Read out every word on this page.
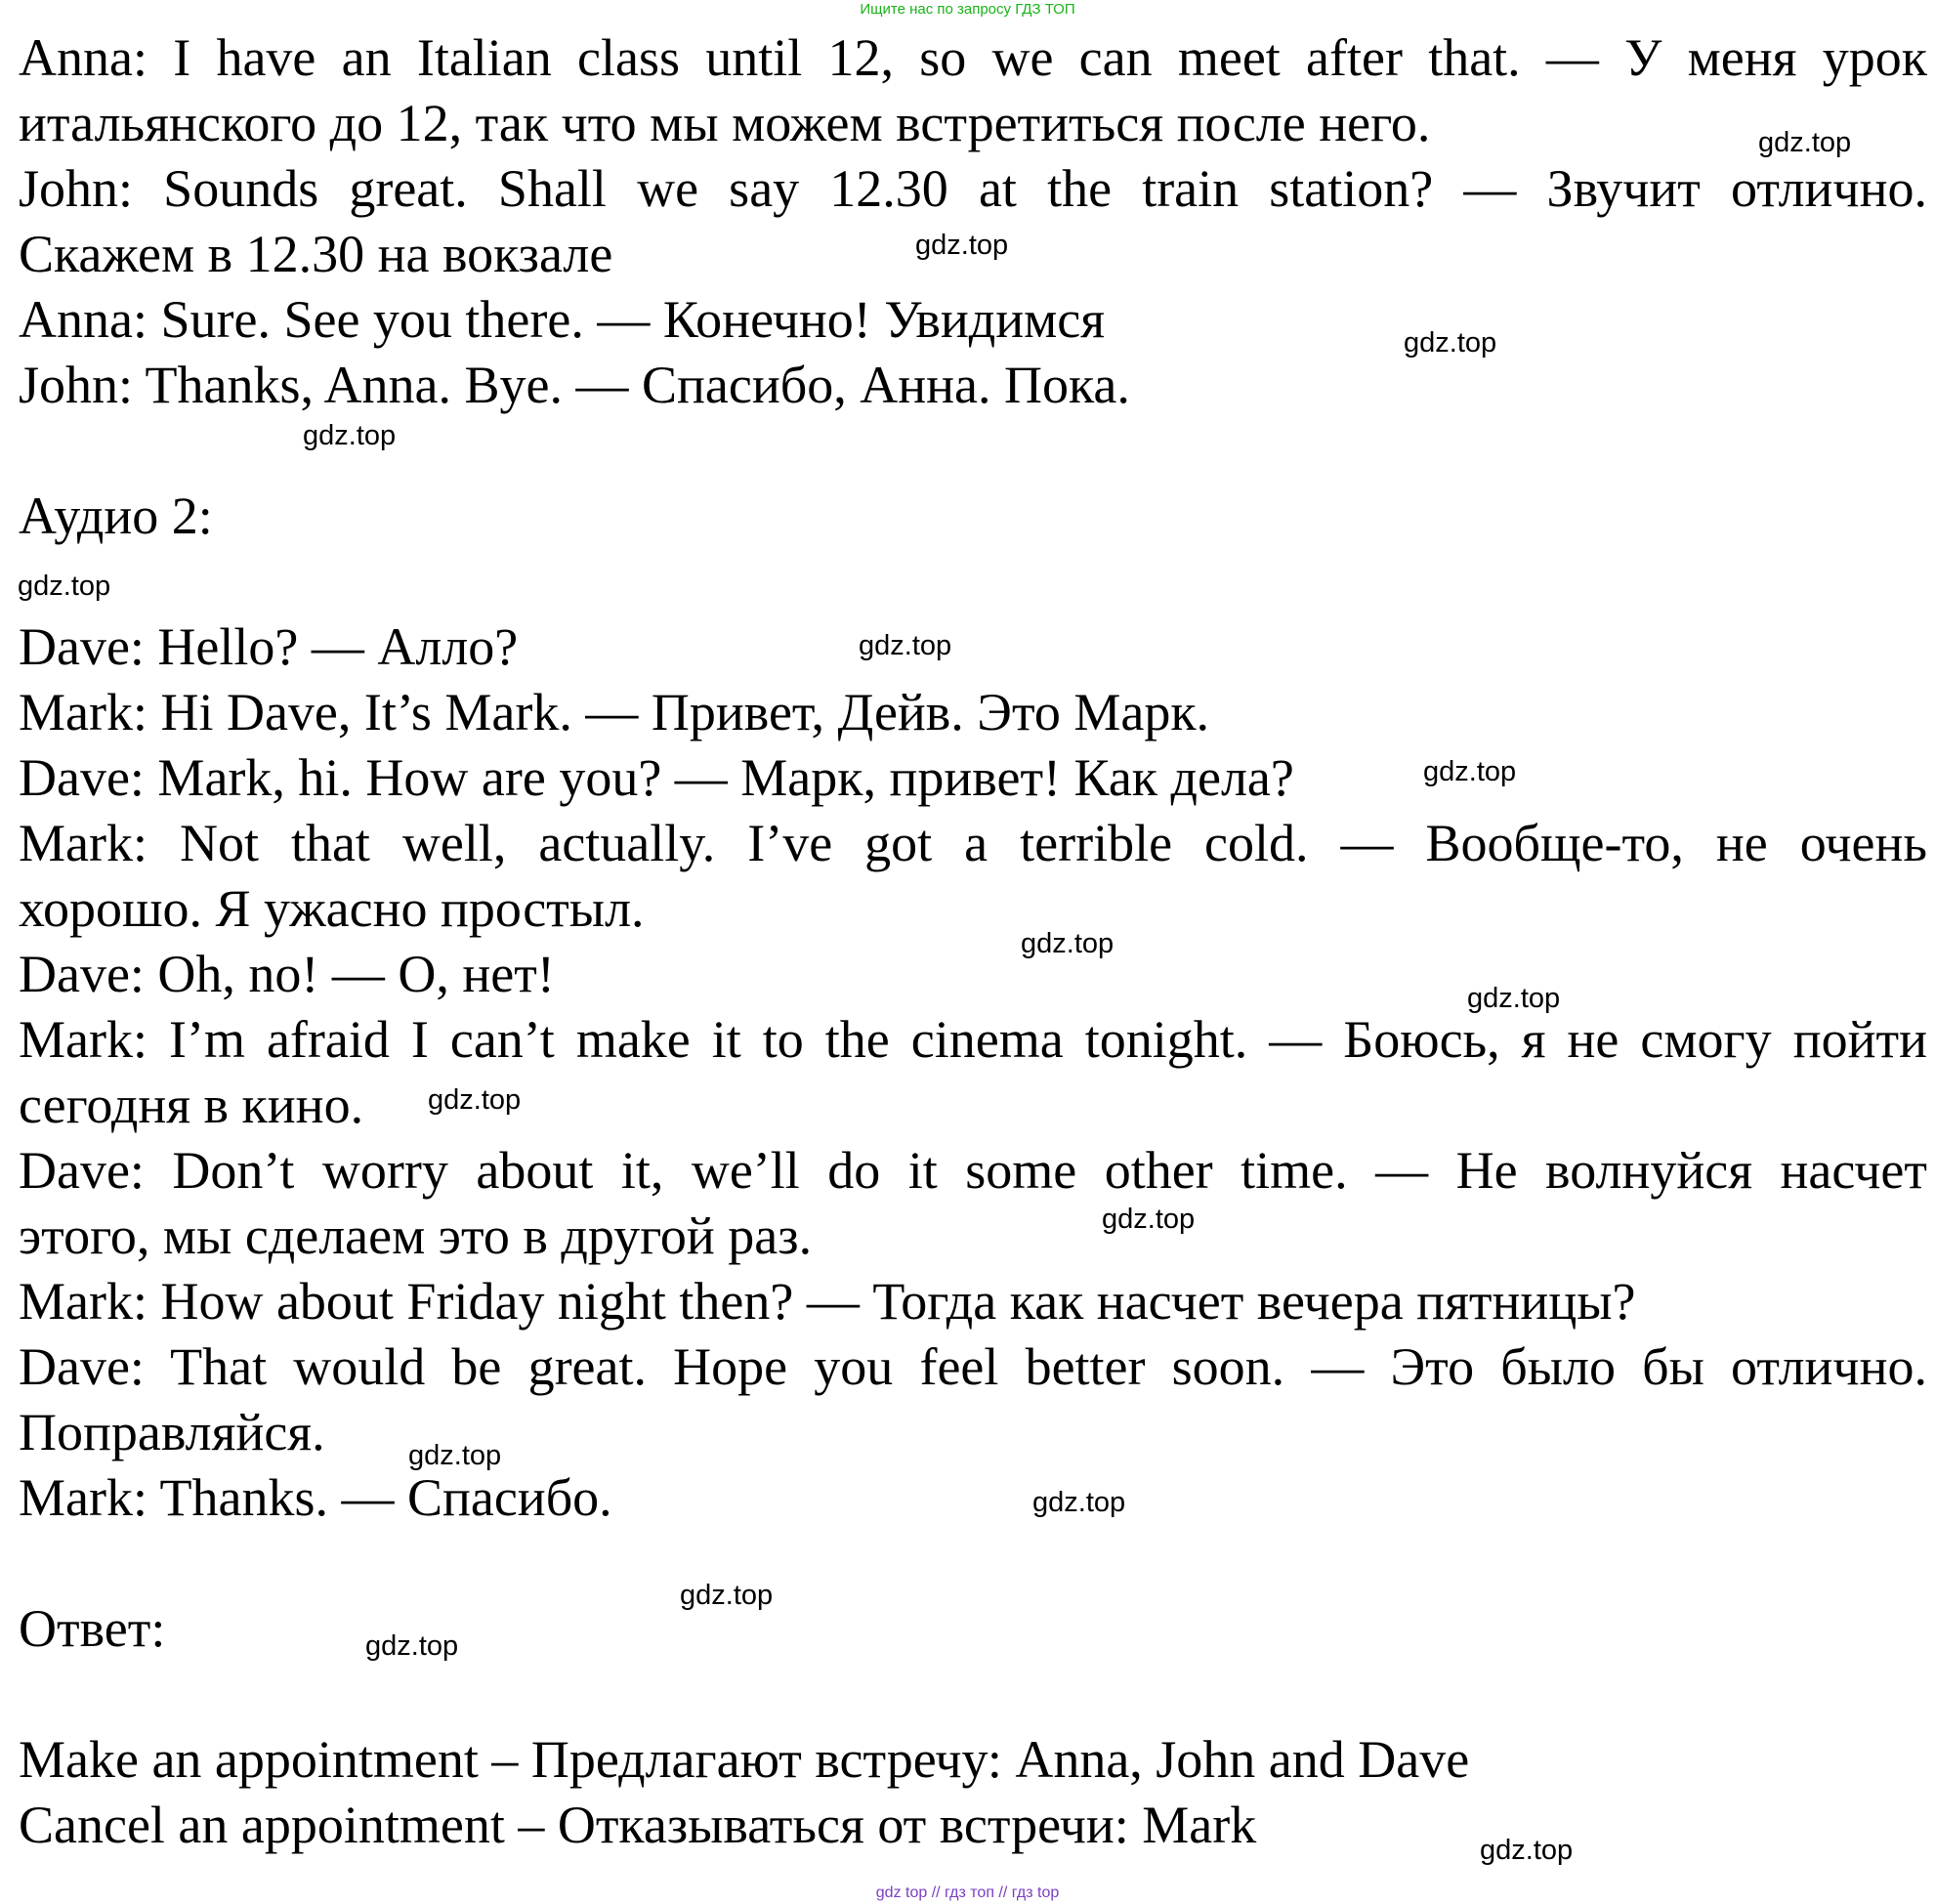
Ищите нас по запросу ГДЗ ТОП
Anna: I have an Italian class until 12, so we can meet after that. — У меня урок
итальянского до 12, так что мы можем встретиться после него.
John: Sounds great. Shall we say 12.30 at the train station? — Звучит отлично.
Скажем в 12.30 на вокзале
Anna: Sure. See you there. — Конечно! Увидимся
John: Thanks, Anna. Bye. — Спасибо, Анна. Пока.
Аудио 2:
Dave: Hello? — Алло?
Mark: Hi Dave, It’s Mark. — Привет, Дейв. Это Марк.
Dave: Mark, hi. How are you? — Марк, привет! Как дела?
Mark: Not that well, actually. I’ve got a terrible cold. — Вообще-то, не очень
хорошо. Я ужасно простыл.
Dave: Oh, no! — О, нет!
Mark: I’m afraid I can’t make it to the cinema tonight. — Боюсь, я не смогу пойти
сегодня в кино.
Dave: Don’t worry about it, we’ll do it some other time. — Не волнуйся насчет
этого, мы сделаем это в другой раз.
Mark: How about Friday night then? — Тогда как насчет вечера пятницы?
Dave: That would be great. Hope you feel better soon. — Это было бы отлично.
Поправляйся.
Mark: Thanks. — Спасибо.
Ответ:
Make an appointment – Предлагают встречу: Anna, John and Dave
Cancel an appointment – Отказываться от встречи: Mark
gdz.top
gdz.top
gdz.top
gdz.top
gdz.top
gdz.top
gdz.top
gdz.top
gdz.top
gdz.top
gdz.top
gdz.top
gdz.top
gdz.top
gdz.top
gdz.top
gdz top // гдз топ // гдз top
